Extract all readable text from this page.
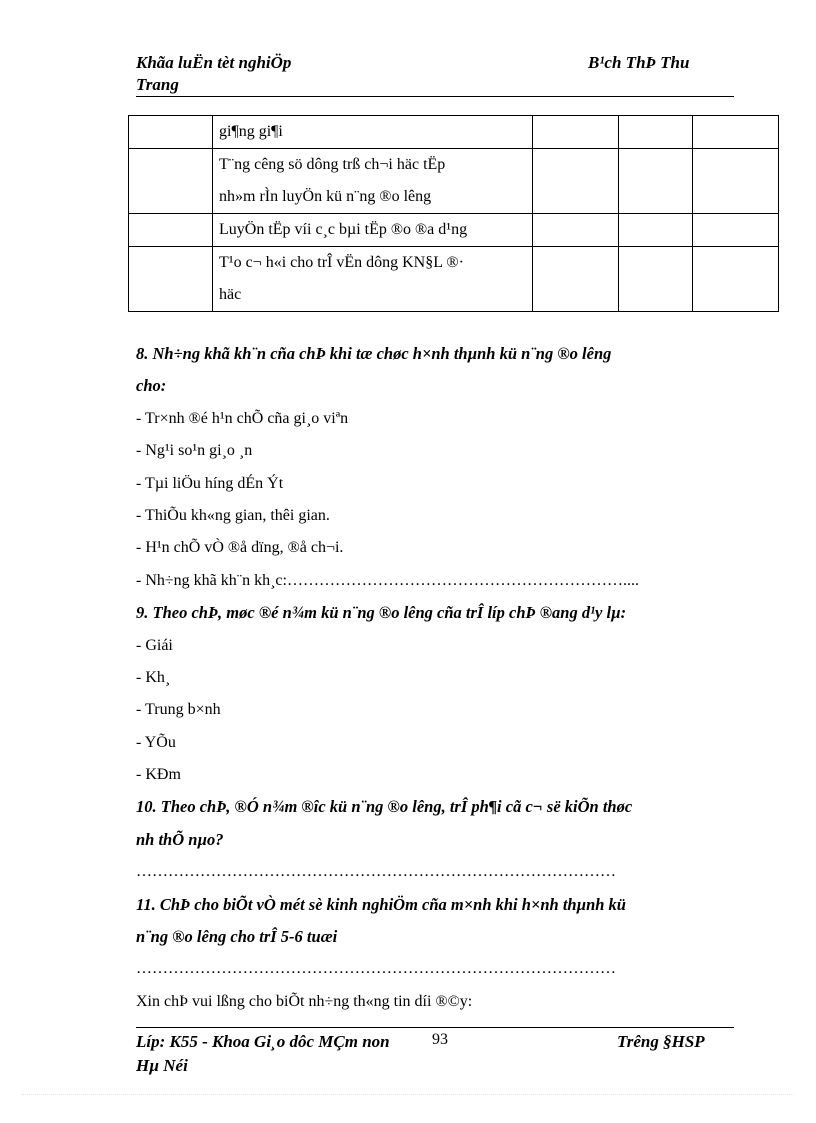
Khãa luËn tèt nghiÖp
Trang
B¹ch ThÞ Thu

	gi¶ng gi¶i			

	T¨ng cêng sö dông trß ch¬i häc tËp
nh»m rÌn luyÖn kü n¨ng ®o lêng			

	LuyÖn tËp víi c¸c bµi tËp ®o ®a d¹ng			

	T¹o c¬ h«i cho trÎ vËn dông KN§L ®·
häc			

8. Nh÷ng khã kh¨n cña chÞ khi tæ chøc h×nh thµnh kü n¨ng ®o lêng
cho:
- Tr×nh ®é h¹n chÕ cña gi¸o viªn
- Ng¹i so¹n gi¸o ¸n
- Tµi liÖu híng dÉn Ýt
- ThiÕu kh«ng gian, thêi gian.
- H¹n chÕ vÒ ®å dïng, ®å ch¬i.
- Nh÷ng khã kh¨n kh¸c:………………………………………………………....
9. Theo chÞ, møc ®é n¾m kü n¨ng ®o lêng cña trÎ líp chÞ ®ang d¹y lµ:
- Giái
- Kh¸
- Trung b×nh
- YÕu
- KÐm
10. Theo chÞ, ®Ó n¾m ®îc kü n¨ng ®o lêng, trÎ ph¶i cã c¬ së kiÕn thøc
nh thÕ nµo?
………………………………………………………………………………
11. ChÞ cho biÕt vÒ mét sè kinh nghiÖm cña m×nh khi h×nh thµnh kü
n¨ng ®o lêng cho trÎ 5-6 tuæi
………………………………………………………………………………
Xin chÞ vui lßng cho biÕt nh÷ng th«ng tin díi ®©y:
Líp: K55 - Khoa Gi¸o dôc MÇm non
Hµ Néi
93	Trêng §HSP
